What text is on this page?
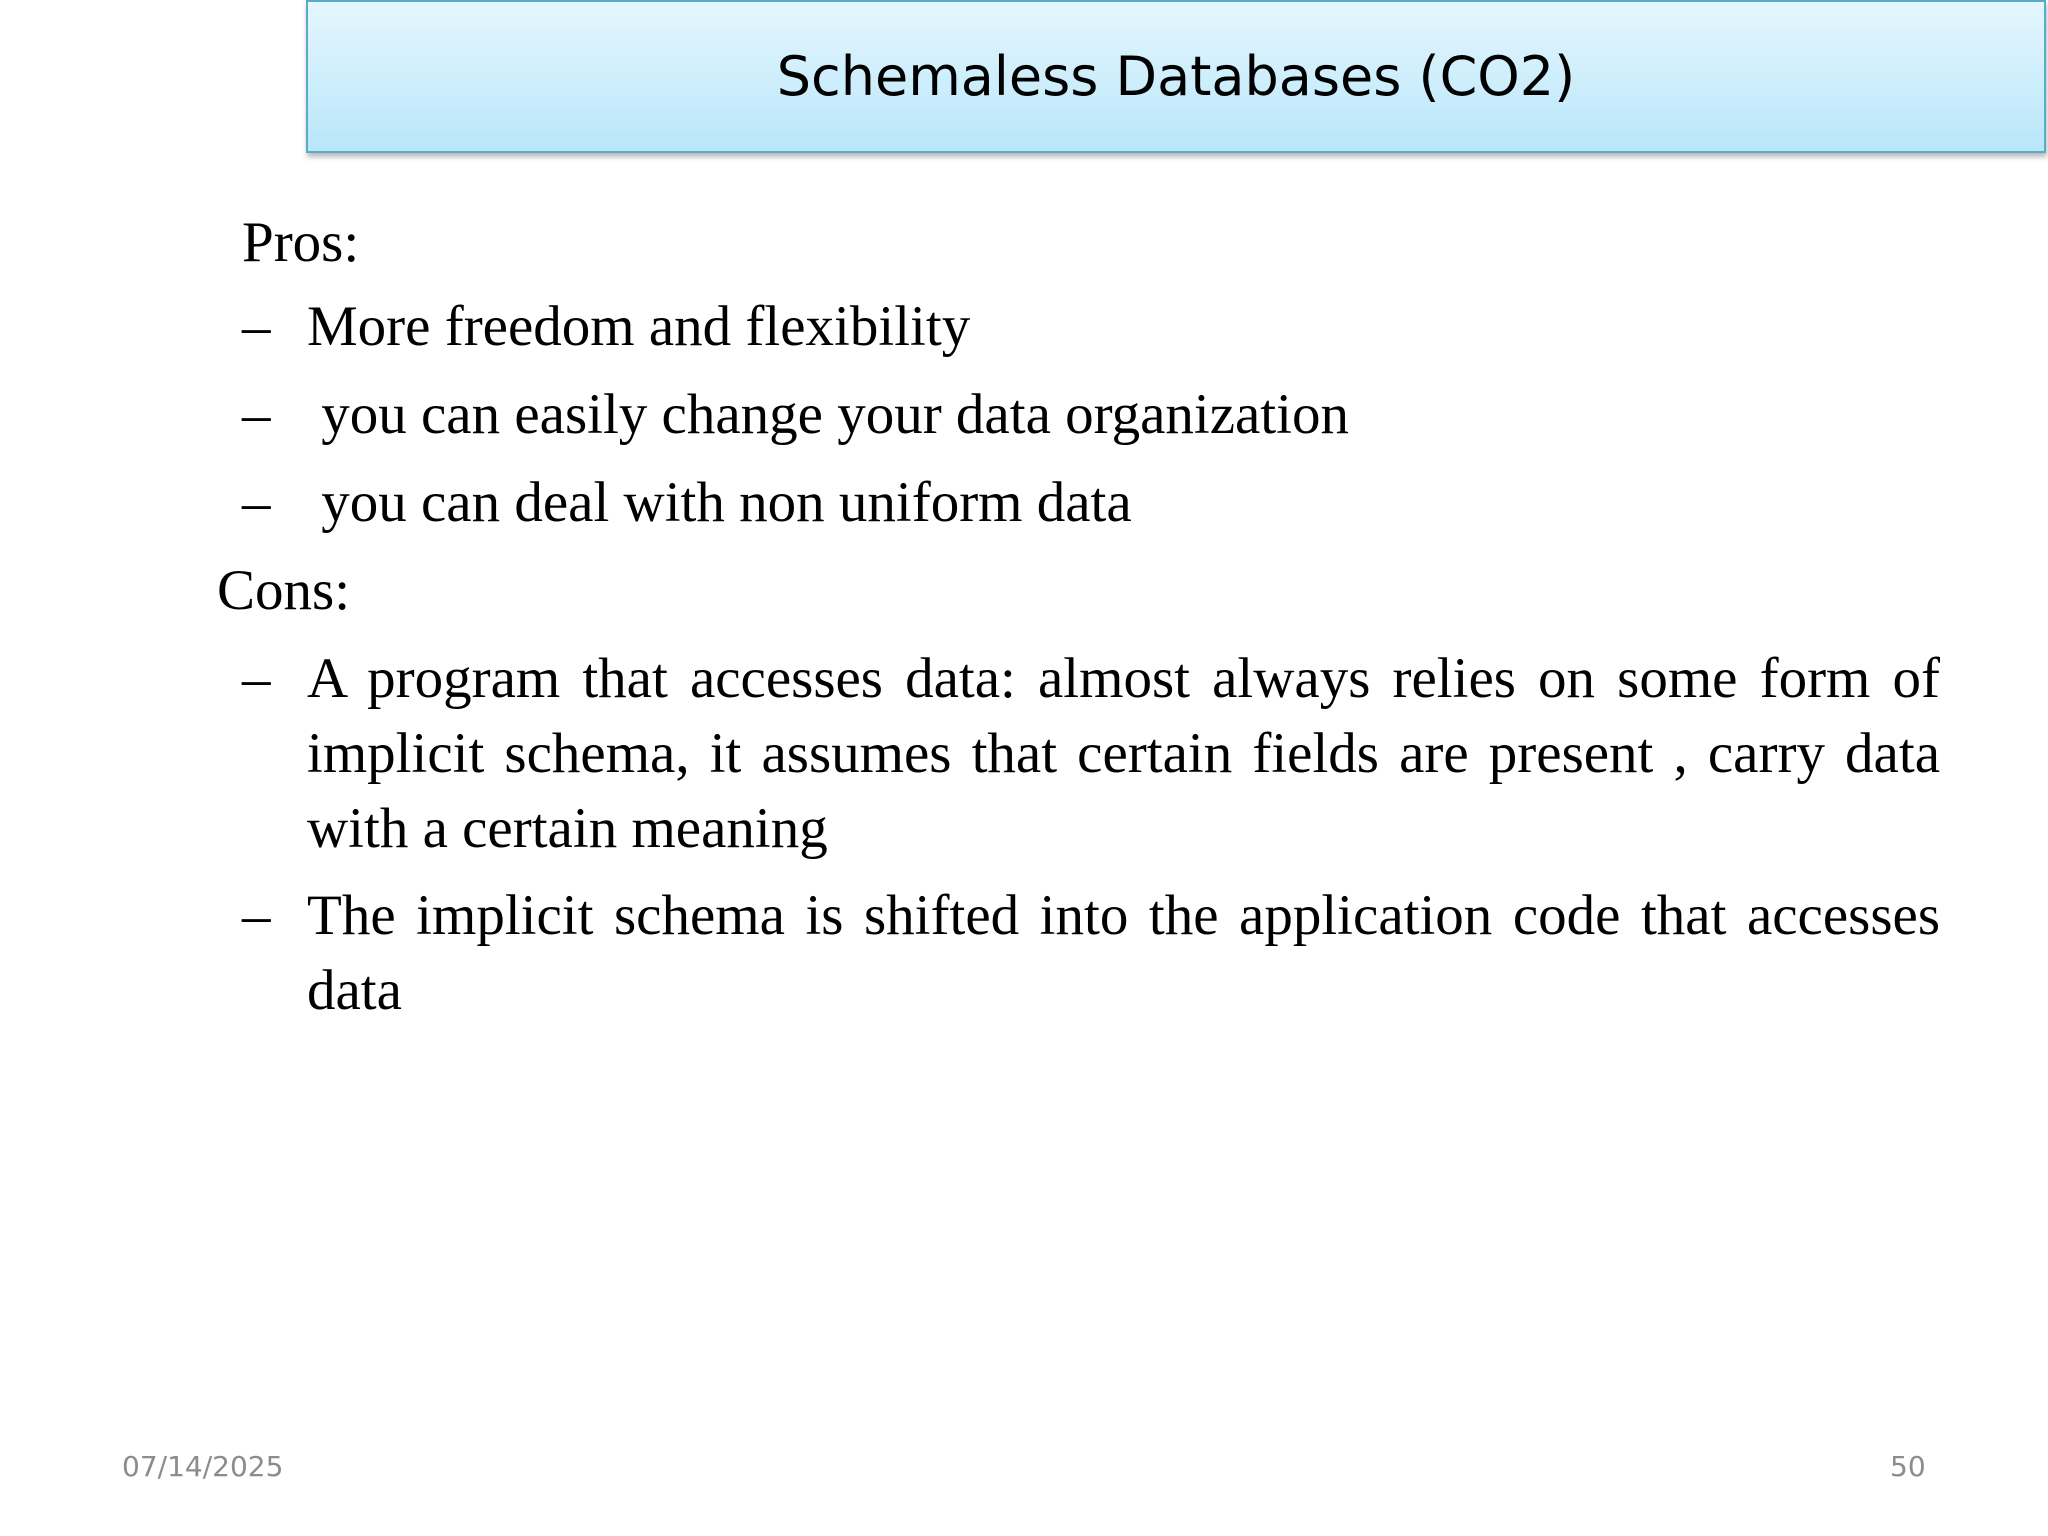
Schemaless Databases (CO2)
Pros:
– More freedom and flexibility
– you can easily change your data organization
– you can deal with non uniform data
Cons:
– A program that accesses data: almost always relies on some form of implicit schema, it assumes that certain fields are present , carry data with a certain meaning
– The implicit schema is shifted into the application code that accesses data
07/14/2025	50
